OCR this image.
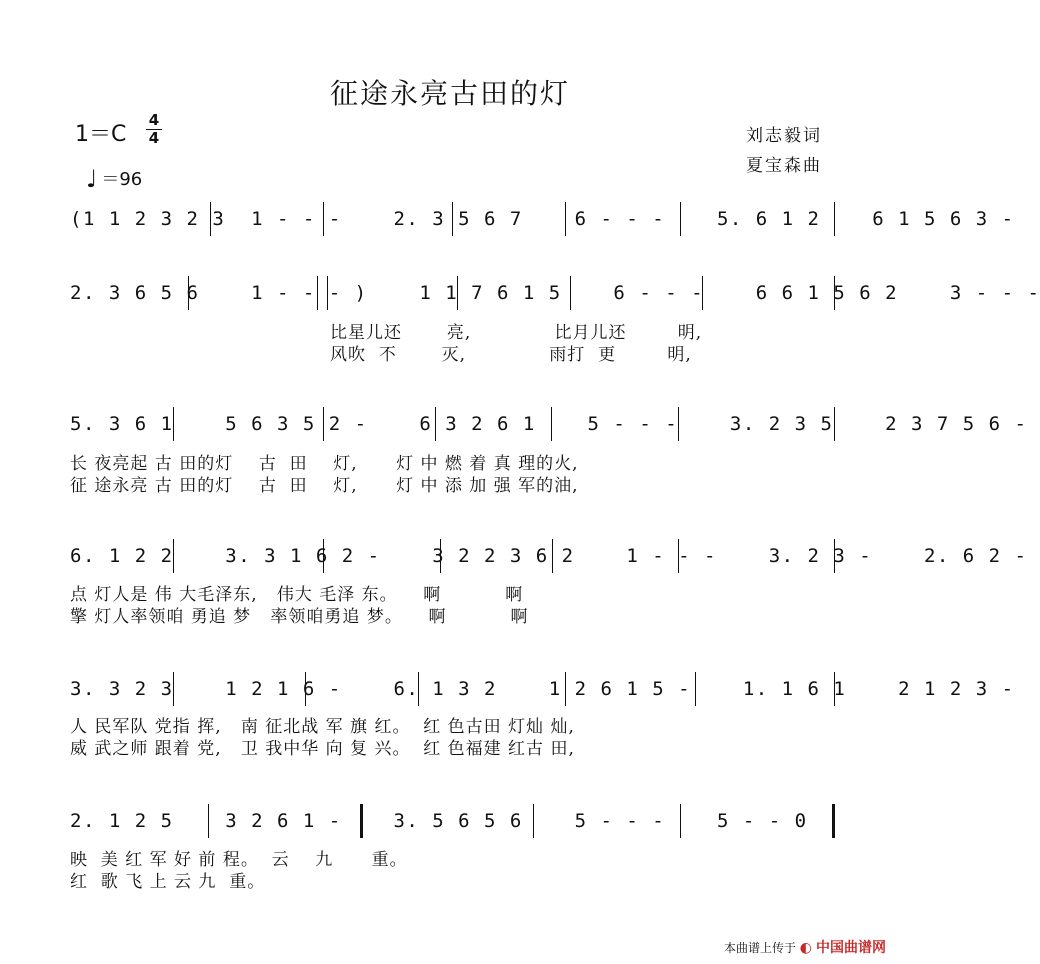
征途永亮古田的灯
1＝C
4
4
♩ ＝96
刘志毅词
夏宝森曲
(1 1 2 3 2 3  1 - - -    2. 3 5 6 7    6 - - -    5. 6 1 2    6 1 5 6 3 -
2. 3 6 5 6    1 - - - )    1 1 7 6 1 5    6 - - -    6 6 1 5 6 2    3 - - -
比星儿还       亮,             比月儿还        明,
风吹  不       灭,             雨打  更        明,
5. 3 6 1    5 6 3 5 2 -    6 3 2 6 1    5 - - -    3. 2 3 5    2 3 7 5 6 -
长 夜亮起 古 田的灯    古  田    灯,      灯 中 燃 着 真 理的火,
征 途永亮 古 田的灯    古  田    灯,      灯 中 添 加 强 军的油,
6. 1 2 2    3. 3 1 6 2 -    3 2 2 3 6 2    1 - - -    3. 2 3 -    2. 6 2 -
点 灯人是 伟 大毛泽东,   伟大 毛泽 东。    啊          啊
擎 灯人率领咱 勇追 梦   率领咱勇追 梦。    啊          啊
3. 3 2 3    1 2 1 6 -    6. 1 3 2    1 2 6 1 5 -    1. 1 6 1    2 1 2 3 -
人 民军队 党指 挥,   南 征北战 军 旗 红。  红 色古田 灯灿 灿,
威 武之师 跟着 党,   卫 我中华 向 复 兴。  红 色福建 红古 田,
2. 1 2 5    3 2 6 1 -    3. 5 6 5 6    5 - - -    5 - - 0
映  美 红 军 好 前 程。  云    九      重。
红  歌 飞 上 云 九  重。
本曲谱上传于 ◐ 中国曲谱网
